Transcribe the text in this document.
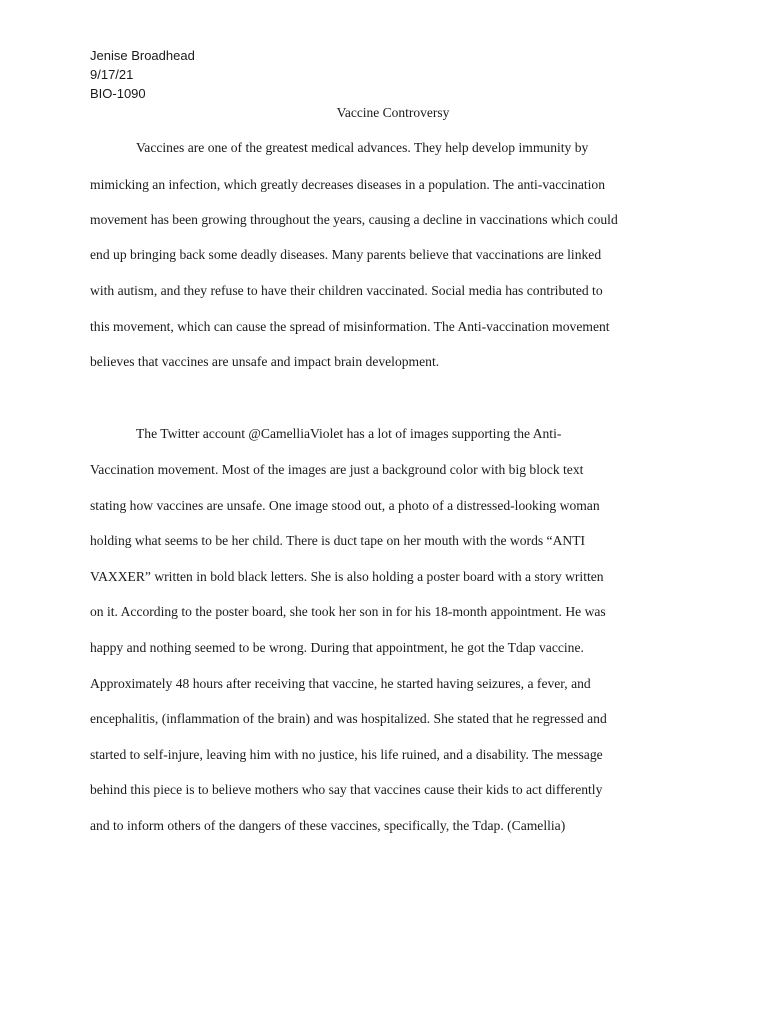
Jenise Broadhead
9/17/21
BIO-1090
Vaccine Controversy
Vaccines are one of the greatest medical advances. They help develop immunity by
mimicking an infection, which greatly decreases diseases in a population. The anti-vaccination
movement has been growing throughout the years, causing a decline in vaccinations which could
end up bringing back some deadly diseases. Many parents believe that vaccinations are linked
with autism, and they refuse to have their children vaccinated. Social media has contributed to
this movement, which can cause the spread of misinformation. The Anti-vaccination movement
believes that vaccines are unsafe and impact brain development.
The Twitter account @CamelliaViolet has a lot of images supporting the Anti-
Vaccination movement. Most of the images are just a background color with big block text
stating how vaccines are unsafe. One image stood out, a photo of a distressed-looking woman
holding what seems to be her child. There is duct tape on her mouth with the words “ANTI
VAXXER” written in bold black letters. She is also holding a poster board with a story written
on it. According to the poster board, she took her son in for his 18-month appointment. He was
happy and nothing seemed to be wrong. During that appointment, he got the Tdap vaccine.
Approximately 48 hours after receiving that vaccine, he started having seizures, a fever, and
encephalitis, (inflammation of the brain) and was hospitalized. She stated that he regressed and
started to self-injure, leaving him with no justice, his life ruined, and a disability. The message
behind this piece is to believe mothers who say that vaccines cause their kids to act differently
and to inform others of the dangers of these vaccines, specifically, the Tdap. (Camellia)
